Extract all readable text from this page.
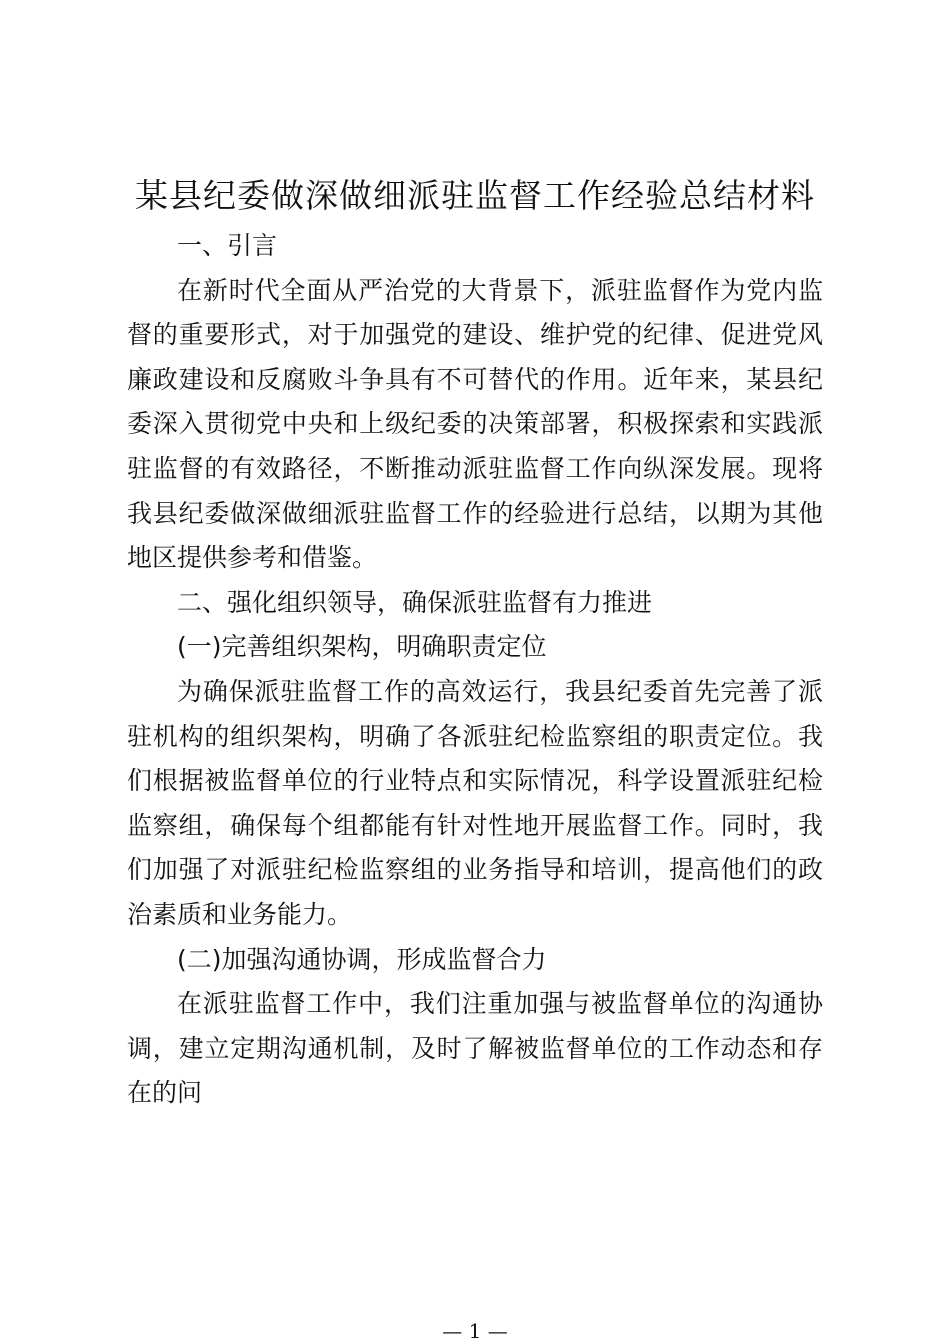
某县纪委做深做细派驻监督工作经验总结材料

一、引言

在新时代全面从严治党的大背景下，派驻监督作为党内监督的重要形式，对于加强党的建设、维护党的纪律、促进党风廉政建设和反腐败斗争具有不可替代的作用。近年来，某县纪委深入贯彻党中央和上级纪委的决策部署，积极探索和实践派驻监督的有效路径，不断推动派驻监督工作向纵深发展。现将我县纪委做深做细派驻监督工作的经验进行总结，以期为其他地区提供参考和借鉴。

二、强化组织领导，确保派驻监督有力推进

(一)完善组织架构，明确职责定位

为确保派驻监督工作的高效运行，我县纪委首先完善了派驻机构的组织架构，明确了各派驻纪检监察组的职责定位。我们根据被监督单位的行业特点和实际情况，科学设置派驻纪检监察组，确保每个组都能有针对性地开展监督工作。同时，我们加强了对派驻纪检监察组的业务指导和培训，提高他们的政治素质和业务能力。

(二)加强沟通协调，形成监督合力

在派驻监督工作中，我们注重加强与被监督单位的沟通协调，建立定期沟通机制，及时了解被监督单位的工作动态和存在的问

— 1 —
